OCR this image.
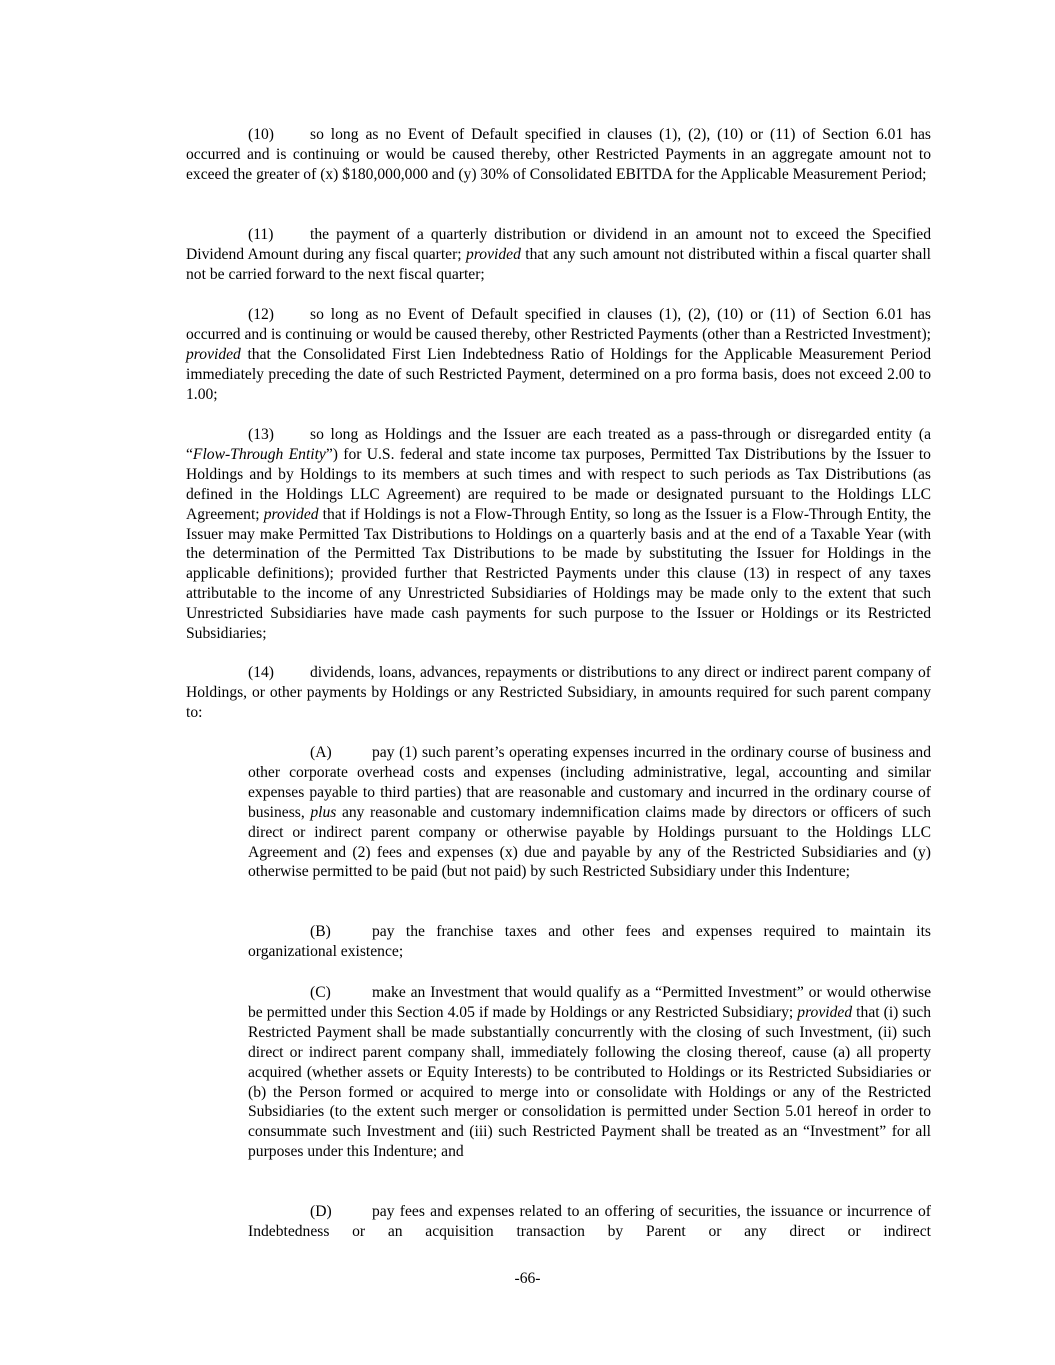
(10) so long as no Event of Default specified in clauses (1), (2), (10) or (11) of Section 6.01 has occurred and is continuing or would be caused thereby, other Restricted Payments in an aggregate amount not to exceed the greater of (x) $180,000,000 and (y) 30% of Consolidated EBITDA for the Applicable Measurement Period;

(11) the payment of a quarterly distribution or dividend in an amount not to exceed the Specified Dividend Amount during any fiscal quarter; provided that any such amount not distributed within a fiscal quarter shall not be carried forward to the next fiscal quarter;

(12) so long as no Event of Default specified in clauses (1), (2), (10) or (11) of Section 6.01 has occurred and is continuing or would be caused thereby, other Restricted Payments (other than a Restricted Investment); provided that the Consolidated First Lien Indebtedness Ratio of Holdings for the Applicable Measurement Period immediately preceding the date of such Restricted Payment, determined on a pro forma basis, does not exceed 2.00 to 1.00;

(13) so long as Holdings and the Issuer are each treated as a pass-through or disregarded entity (a “Flow-Through Entity”) for U.S. federal and state income tax purposes, Permitted Tax Distributions by the Issuer to Holdings and by Holdings to its members at such times and with respect to such periods as Tax Distributions (as defined in the Holdings LLC Agreement) are required to be made or designated pursuant to the Holdings LLC Agreement; provided that if Holdings is not a Flow-Through Entity, so long as the Issuer is a Flow-Through Entity, the Issuer may make Permitted Tax Distributions to Holdings on a quarterly basis and at the end of a Taxable Year (with the determination of the Permitted Tax Distributions to be made by substituting the Issuer for Holdings in the applicable definitions); provided further that Restricted Payments under this clause (13) in respect of any taxes attributable to the income of any Unrestricted Subsidiaries of Holdings may be made only to the extent that such Unrestricted Subsidiaries have made cash payments for such purpose to the Issuer or Holdings or its Restricted Subsidiaries;

(14) dividends, loans, advances, repayments or distributions to any direct or indirect parent company of Holdings, or other payments by Holdings or any Restricted Subsidiary, in amounts required for such parent company to:

(A)	pay (1) such parent’s operating expenses incurred in the ordinary course of business and other corporate overhead costs and expenses (including administrative, legal, accounting and similar expenses payable to third parties) that are reasonable and customary and incurred in the ordinary course of business, plus any reasonable and customary indemnification claims made by directors or officers of such direct or indirect parent company or otherwise payable by Holdings pursuant to the Holdings LLC Agreement and (2) fees and expenses (x) due and payable by any of the Restricted Subsidiaries and (y) otherwise permitted to be paid (but not paid) by such Restricted Subsidiary under this Indenture;

(B)	pay the franchise taxes and other fees and expenses required to maintain its organizational existence;

(C)	make an Investment that would qualify as a “Permitted Investment” or would otherwise be permitted under this Section 4.05 if made by Holdings or any Restricted Subsidiary; provided that (i) such Restricted Payment shall be made substantially concurrently with the closing of such Investment, (ii) such direct or indirect parent company shall, immediately following the closing thereof, cause (a) all property acquired (whether assets or Equity Interests) to be contributed to Holdings or its Restricted Subsidiaries or (b) the Person formed or acquired to merge into or consolidate with Holdings or any of the Restricted Subsidiaries (to the extent such merger or consolidation is permitted under Section 5.01 hereof in order to consummate such Investment and (iii) such Restricted Payment shall be treated as an “Investment” for all purposes under this Indenture; and

(D)	pay fees and expenses related to an offering of securities, the issuance or incurrence of Indebtedness or an acquisition transaction by Parent or any direct or indirect

-66-
